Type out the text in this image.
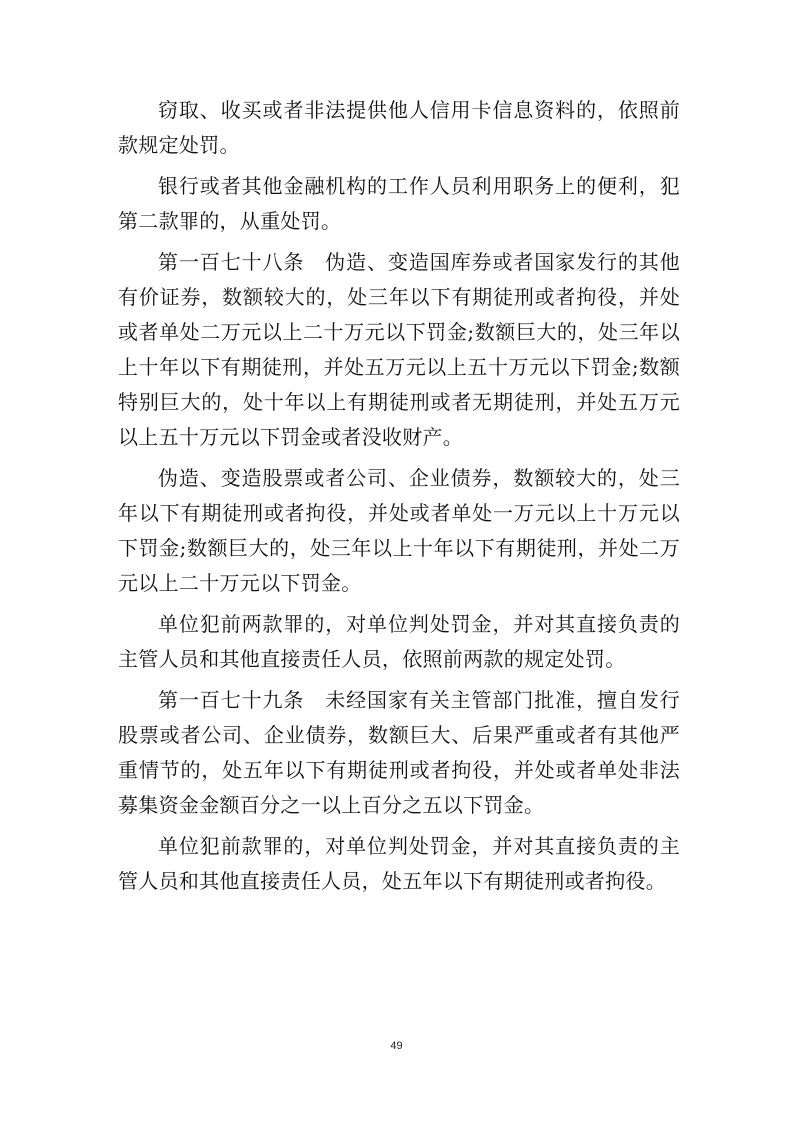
窃取、收买或者非法提供他人信用卡信息资料的，依照前款规定处罚。

银行或者其他金融机构的工作人员利用职务上的便利，犯第二款罪的，从重处罚。

第一百七十八条　伪造、变造国库券或者国家发行的其他有价证券，数额较大的，处三年以下有期徒刑或者拘役，并处或者单处二万元以上二十万元以下罚金;数额巨大的，处三年以上十年以下有期徒刑，并处五万元以上五十万元以下罚金;数额特别巨大的，处十年以上有期徒刑或者无期徒刑，并处五万元以上五十万元以下罚金或者没收财产。

伪造、变造股票或者公司、企业债券，数额较大的，处三年以下有期徒刑或者拘役，并处或者单处一万元以上十万元以下罚金;数额巨大的，处三年以上十年以下有期徒刑，并处二万元以上二十万元以下罚金。

单位犯前两款罪的，对单位判处罚金，并对其直接负责的主管人员和其他直接责任人员，依照前两款的规定处罚。

第一百七十九条　未经国家有关主管部门批准，擅自发行股票或者公司、企业债券，数额巨大、后果严重或者有其他严重情节的，处五年以下有期徒刑或者拘役，并处或者单处非法募集资金金额百分之一以上百分之五以下罚金。

单位犯前款罪的，对单位判处罚金，并对其直接负责的主管人员和其他直接责任人员，处五年以下有期徒刑或者拘役。

49
